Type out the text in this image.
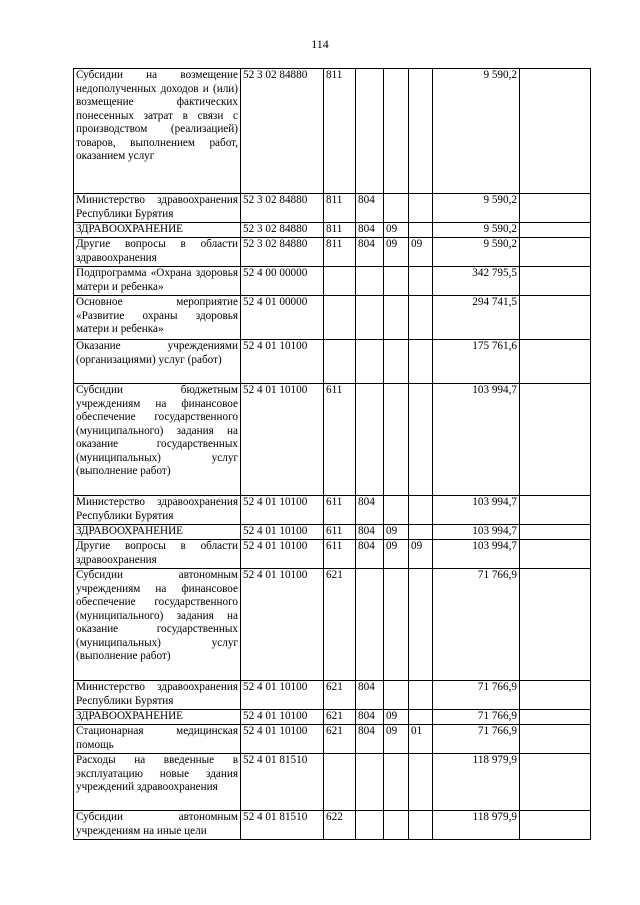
114
Субсидии на возмещение недополученных доходов и (или) возмещение фактических понесенных затрат в связи с производством (реализацией) товаров, выполнением работ, оказанием услуг	52 3 02 84880	811				9 590,2	
Министерство здравоохранения Республики Бурятия	52 3 02 84880	811	804			9 590,2	
ЗДРАВООХРАНЕНИЕ	52 3 02 84880	811	804	09		9 590,2	
Другие вопросы в области здравоохранения	52 3 02 84880	811	804	09	09	9 590,2	
Подпрограмма «Охрана здоровья матери и ребенка»	52 4 00 00000					342 795,5	
Основное мероприятие «Развитие охраны здоровья матери и ребенка»	52 4 01 00000					294 741,5	
Оказание учреждениями (организациями) услуг (работ)	52 4 01 10100					175 761,6	
Субсидии бюджетным учреждениям на финансовое обеспечение государственного (муниципального) задания на оказание государственных (муниципальных) услуг (выполнение работ)	52 4 01 10100	611				103 994,7	
Министерство здравоохранения Республики Бурятия	52 4 01 10100	611	804			103 994,7	
ЗДРАВООХРАНЕНИЕ	52 4 01 10100	611	804	09		103 994,7	
Другие вопросы в области здравоохранения	52 4 01 10100	611	804	09	09	103 994,7	
Субсидии автономным учреждениям на финансовое обеспечение государственного (муниципального) задания на оказание государственных (муниципальных) услуг (выполнение работ)	52 4 01 10100	621				71 766,9	
Министерство здравоохранения Республики Бурятия	52 4 01 10100	621	804			71 766,9	
ЗДРАВООХРАНЕНИЕ	52 4 01 10100	621	804	09		71 766,9	
Стационарная медицинская помощь	52 4 01 10100	621	804	09	01	71 766,9	
Расходы на введенные в эксплуатацию новые здания учреждений здравоохранения	52 4 01 81510					118 979,9	
Субсидии автономным учреждениям на иные цели	52 4 01 81510	622				118 979,9	
